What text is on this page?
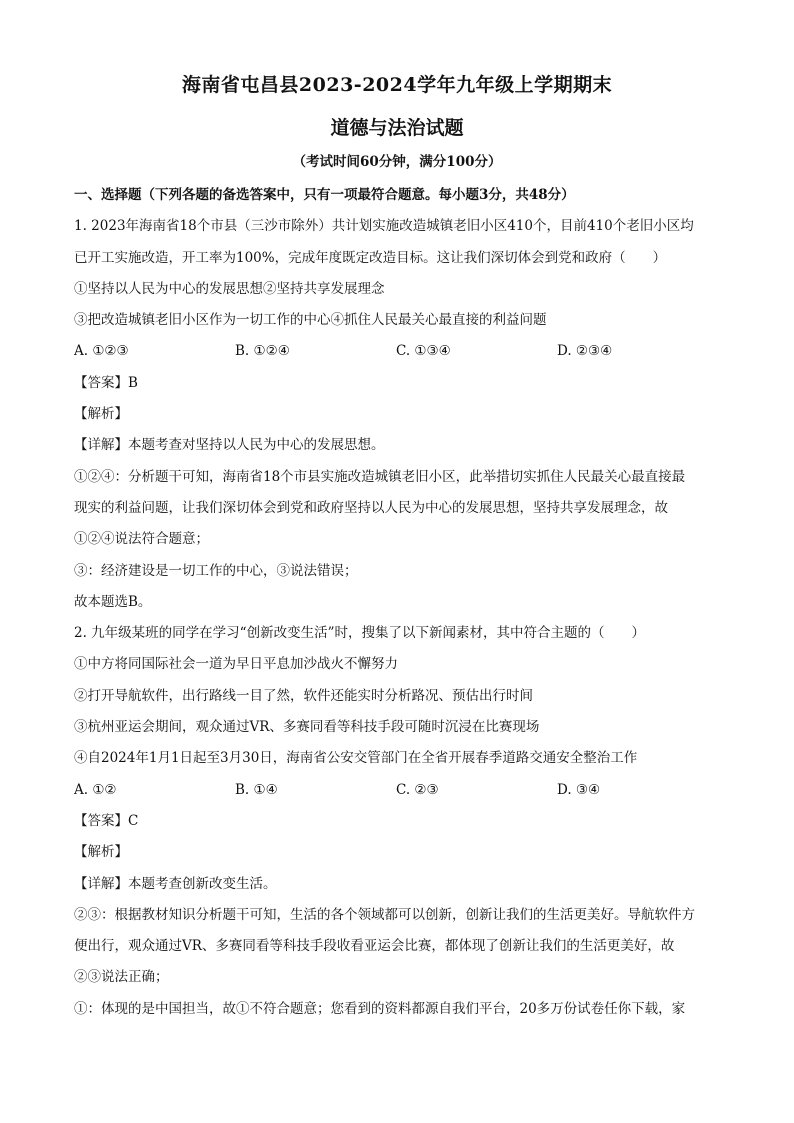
海南省屯昌县2023-2024学年九年级上学期期末
道德与法治试题
（考试时间60分钟，满分100分）
一、选择题（下列各题的备选答案中，只有一项最符合题意。每小题3分，共48分）
1. 2023年海南省18个市县（三沙市除外）共计划实施改造城镇老旧小区410个，目前410个老旧小区均
已开工实施改造，开工率为100%，完成年度既定改造目标。这让我们深切体会到党和政府（　　）
①坚持以人民为中心的发展思想②坚持共享发展理念
③把改造城镇老旧小区作为一切工作的中心④抓住人民最关心最直接的利益问题
A. ①②③	B. ①②④	C. ①③④	D. ②③④
【答案】B
【解析】
【详解】本题考查对坚持以人民为中心的发展思想。
①②④：分析题干可知，海南省18个市县实施改造城镇老旧小区，此举措切实抓住人民最关心最直接最
现实的利益问题，让我们深切体会到党和政府坚持以人民为中心的发展思想，坚持共享发展理念，故
①②④说法符合题意；
③：经济建设是一切工作的中心，③说法错误；
故本题选B。
2. 九年级某班的同学在学习“创新改变生活”时，搜集了以下新闻素材，其中符合主题的（　　）
①中方将同国际社会一道为早日平息加沙战火不懈努力
②打开导航软件，出行路线一目了然，软件还能实时分析路况、预估出行时间
③杭州亚运会期间，观众通过VR、多赛同看等科技手段可随时沉浸在比赛现场
④自2024年1月1日起至3月30日，海南省公安交管部门在全省开展春季道路交通安全整治工作
A. ①②	B. ①④	C. ②③	D. ③④
【答案】C
【解析】
【详解】本题考查创新改变生活。
②③：根据教材知识分析题干可知，生活的各个领域都可以创新，创新让我们的生活更美好。导航软件方
便出行，观众通过VR、多赛同看等科技手段收看亚运会比赛，都体现了创新让我们的生活更美好，故
②③说法正确；
①：体现的是中国担当，故①不符合题意；您看到的资料都源自我们平台，20多万份试卷任你下载，家
